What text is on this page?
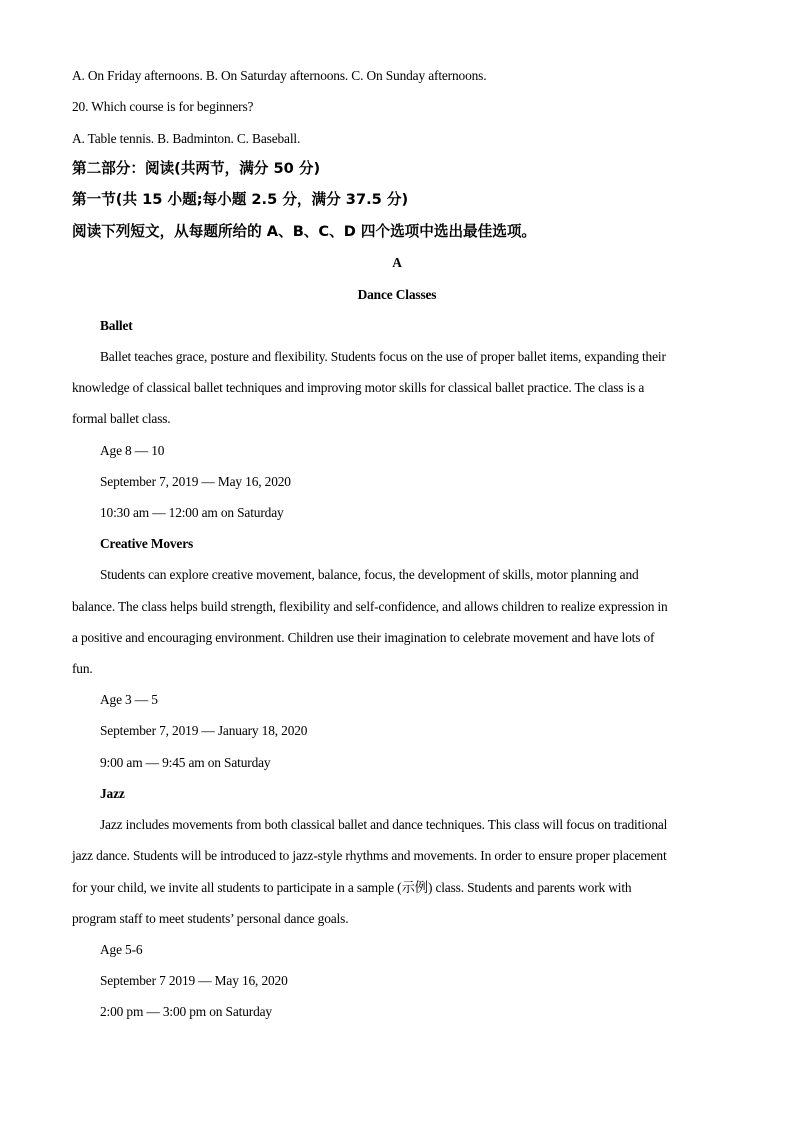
A. On Friday afternoons. B. On Saturday afternoons. C. On Sunday afternoons.
20. Which course is for beginners?
A. Table tennis. B. Badminton. C. Baseball.
第二部分：阅读(共两节，满分 50 分)
第一节(共 15 小题;每小题 2.5 分，满分 37.5 分)
阅读下列短文，从每题所给的 A、B、C、D 四个选项中选出最佳选项。
A
Dance Classes
Ballet
Ballet teaches grace, posture and flexibility. Students focus on the use of proper ballet items, expanding their
knowledge of classical ballet techniques and improving motor skills for classical ballet practice. The class is a
formal ballet class.
Age 8 — 10
September 7, 2019 — May 16, 2020
10:30 am — 12:00 am on Saturday
Creative Movers
Students can explore creative movement, balance, focus, the development of skills, motor planning and
balance. The class helps build strength, flexibility and self-confidence, and allows children to realize expression in
a positive and encouraging environment. Children use their imagination to celebrate movement and have lots of
fun.
Age 3 — 5
September 7, 2019 — January 18, 2020
9:00 am — 9:45 am on Saturday
Jazz
Jazz includes movements from both classical ballet and dance techniques. This class will focus on traditional
jazz dance. Students will be introduced to jazz-style rhythms and movements. In order to ensure proper placement
for your child, we invite all students to participate in a sample (示例) class. Students and parents work with
program staff to meet students’ personal dance goals.
Age 5-6
September 7 2019 — May 16, 2020
2:00 pm — 3:00 pm on Saturday
